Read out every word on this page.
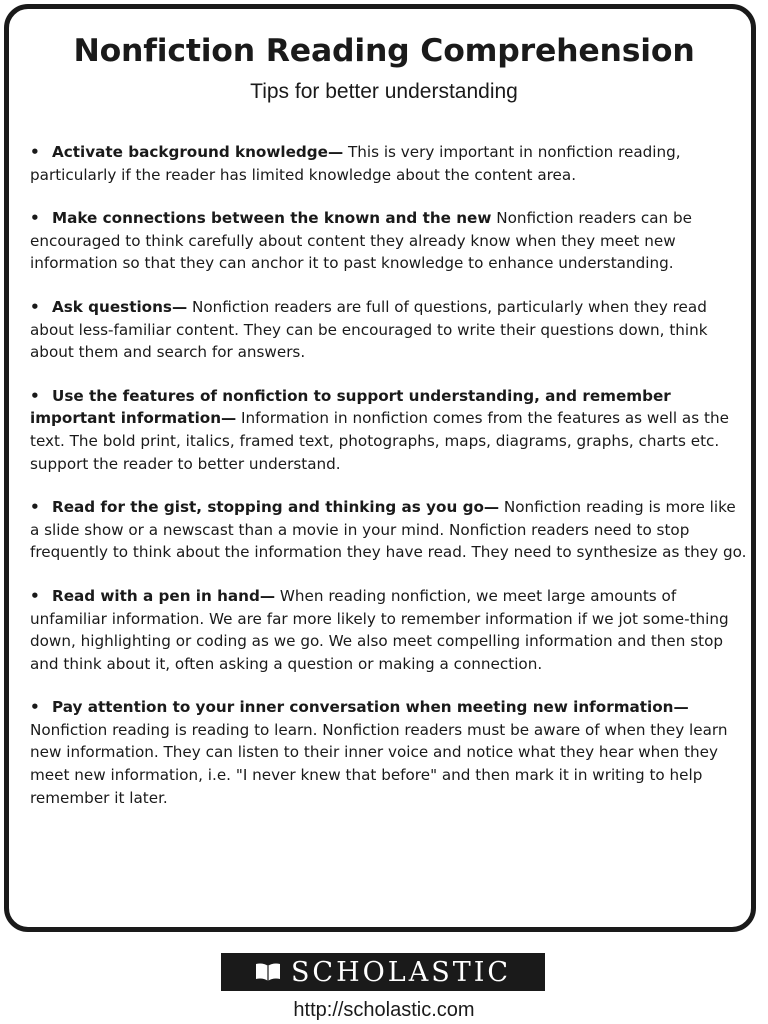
Nonfiction Reading Comprehension

Tips for better understanding

• Activate background knowledge— This is very important in nonfiction reading, particularly if the reader has limited knowledge about the content area.
• Make connections between the known and the new Nonfiction readers can be encouraged to think carefully about content they already know when they meet new information so that they can anchor it to past knowledge to enhance understanding.
• Ask questions— Nonfiction readers are full of questions, particularly when they read about less-familiar content. They can be encouraged to write their questions down, think about them and search for answers.
• Use the features of nonfiction to support understanding, and remember important information— Information in nonfiction comes from the features as well as the text. The bold print, italics, framed text, photographs, maps, diagrams, graphs, charts etc. support the reader to better understand.
• Read for the gist, stopping and thinking as you go— Nonfiction reading is more like a slide show or a newscast than a movie in your mind. Nonfiction readers need to stop frequently to think about the information they have read. They need to synthesize as they go.
• Read with a pen in hand— When reading nonfiction, we meet large amounts of unfamiliar information. We are far more likely to remember information if we jot some-thing down, highlighting or coding as we go. We also meet compelling information and then stop and think about it, often asking a question or making a connection.
• Pay attention to your inner conversation when meeting new information— Nonfiction reading is reading to learn. Nonfiction readers must be aware of when they learn new information. They can listen to their inner voice and notice what they hear when they meet new information, i.e. "I never knew that before" and then mark it in writing to help remember it later.
SCHOLASTIC

http://scholastic.com
